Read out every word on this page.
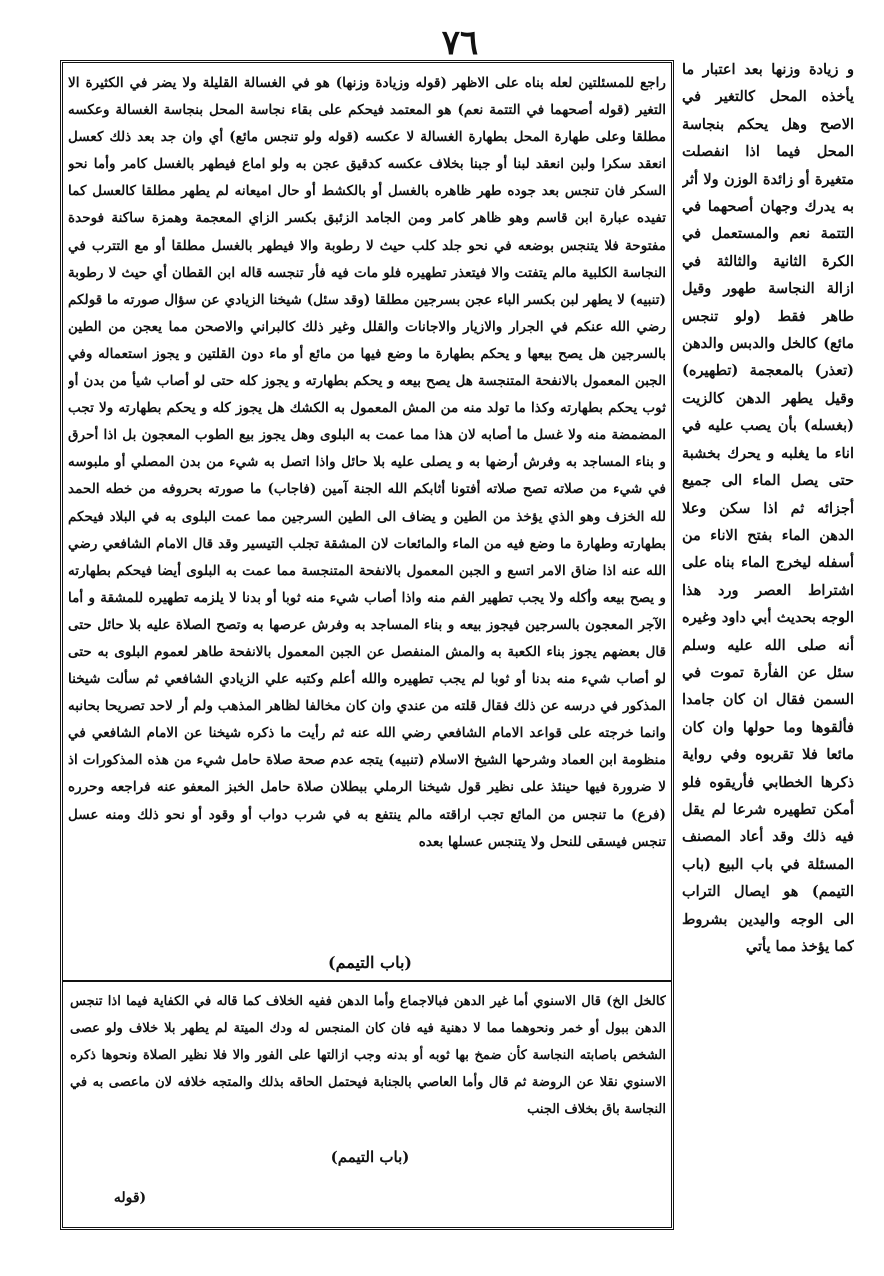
٧٦

راجع للمسئلتين لعله بناه على الاظهر (قوله وزيادة وزنها) هو في الغسالة القليلة ولا يضر في الكثيرة الا التغير (قوله أصحهما في التتمة نعم) هو المعتمد فيحكم على بقاء نجاسة المحل بنجاسة الغسالة وعكسه مطلقا وعلى طهارة المحل بطهارة الغسالة لا عكسه (قوله ولو تنجس مائع) أي وان جد بعد ذلك كعسل انعقد سكرا ولبن انعقد لبنا أو جبنا بخلاف عكسه كدقيق عجن به ولو اماع فيطهر بالغسل كامر وأما نحو السكر فان تنجس بعد جوده طهر ظاهره بالغسل أو بالكشط أو حال اميعانه لم يطهر مطلقا كالعسل كما تفيده عبارة ابن قاسم وهو ظاهر كامر ومن الجامد الزئبق بكسر الزاي المعجمة وهمزة ساكنة فوحدة مفتوحة فلا يتنجس بوضعه في نحو جلد كلب حيث لا رطوبة والا فيطهر بالغسل مطلقا أو مع التترب في النجاسة الكلبية مالم يتفتت والا فيتعذر تطهيره فلو مات فيه فأر تنجسه قاله ابن القطان أي حيث لا رطوبة (تنبيه) لا يطهر لبن بكسر الباء عجن بسرجين مطلقا (وقد سئل) شيخنا الزيادي عن سؤال صورته ما قولكم رضي الله عنكم في الجرار والازيار والاجانات والقلل وغير ذلك كالبراني والاصحن مما يعجن من الطين بالسرجين هل يصح بيعها و يحكم بطهارة ما وضع فيها من مائع أو ماء دون القلتين و يجوز استعماله وفي الجبن المعمول بالانفحة المتنجسة هل يصح بيعه و يحكم بطهارته و يجوز كله حتى لو أصاب شيأ من بدن أو ثوب يحكم بطهارته وكذا ما تولد منه من المش المعمول به الكشك هل يجوز كله و يحكم بطهارته ولا تجب المضمضة منه ولا غسل ما أصابه لان هذا مما عمت به البلوى وهل يجوز بيع الطوب المعجون بل اذا أحرق و بناء المساجد به وفرش أرضها به و يصلى عليه بلا حائل واذا اتصل به شيء من بدن المصلي أو ملبوسه في شيء من صلاته تصح صلاته أفتونا أثابكم الله الجنة آمين (فاجاب) ما صورته بحروفه من خطه الحمد لله الخزف وهو الذي يؤخذ من الطين و يضاف الى الطين السرجين مما عمت البلوى به في البلاد فيحكم بطهارته وطهارة ما وضع فيه من الماء والمائعات لان المشقة تجلب التيسير وقد قال الامام الشافعي رضي الله عنه اذا ضاق الامر اتسع و الجبن المعمول بالانفحة المتنجسة مما عمت به البلوى أيضا فيحكم بطهارته و يصح بيعه وأكله ولا يجب تطهير الفم منه واذا أصاب شيء منه ثوبا أو بدنا لا يلزمه تطهيره للمشقة و أما الآجر المعجون بالسرجين فيجوز بيعه و بناء المساجد به وفرش عرصها به وتصح الصلاة عليه بلا حائل حتى قال بعضهم يجوز بناء الكعبة به والمش المنفصل عن الجبن المعمول بالانفحة طاهر لعموم البلوى به حتى لو أصاب شيء منه بدنا أو ثوبا لم يجب تطهيره والله أعلم وكتبه علي الزيادي الشافعي ثم سألت شيخنا المذكور في درسه عن ذلك فقال قلته من عندي وان كان مخالفا لظاهر المذهب ولم أر لاحد تصريحا بحانبه وانما خرجته على قواعد الامام الشافعي رضي الله عنه ثم رأيت ما ذكره شيخنا عن الامام الشافعي في منظومة ابن العماد وشرحها الشيخ الاسلام (تنبيه) يتجه عدم صحة صلاة حامل شيء من هذه المذكورات اذ لا ضرورة فيها حينئذ على نظير قول شيخنا الرملي ببطلان صلاة حامل الخبز المعفو عنه فراجعه وحرره (فرع) ما تنجس من المائع تجب اراقته مالم ينتفع به في شرب دواب أو وقود أو نحو ذلك ومنه عسل تنجس فيسقى للنحل ولا يتنجس عسلها بعده

(باب التيمم)

كالخل الخ) قال الاسنوي أما غير الدهن فبالاجماع وأما الدهن ففيه الخلاف كما قاله في الكفاية فيما اذا تنجس الدهن ببول أو خمر ونحوهما مما لا دهنية فيه فان كان المنجس له ودك الميتة لم يطهر بلا خلاف ولو عصى الشخص باصابته النجاسة كأن ضمخ بها ثوبه أو بدنه وجب ازالتها على الفور والا فلا نظير الصلاة ونحوها ذكره الاسنوي نقلا عن الروضة ثم قال وأما العاصي بالجنابة فيحتمل الحاقه بذلك والمتجه خلافه لان ماعصى به في النجاسة باق بخلاف الجنب

(باب التيمم)
(قوله

و زيادة وزنها بعد اعتبار ما يأخذه المحل كالتغير في الاصح وهل يحكم بنجاسة المحل فيما اذا انفصلت متغيرة أو زائدة الوزن ولا أثر به يدرك وجهان أصحهما في التتمة نعم والمستعمل في الكرة الثانية والثالثة في ازالة النجاسة طهور وقيل طاهر فقط (ولو تنجس مائع) كالخل والدبس والدهن (تعذر) بالمعجمة (تطهيره) وقيل يطهر الدهن كالزيت (بغسله) بأن يصب عليه في اناء ما يغلبه و يحرك بخشبة حتى يصل الماء الى جميع أجزائه ثم اذا سكن وعلا الدهن الماء بفتح الاناء من أسفله ليخرج الماء بناه على اشتراط العصر ورد هذا الوجه بحديث أبي داود وغيره أنه صلى الله عليه وسلم سئل عن الفأرة تموت في السمن فقال ان كان جامدا فألقوها وما حولها وان كان مائعا فلا تقربوه وفي رواية ذكرها الخطابي فأريقوه فلو أمكن تطهيره شرعا لم يقل فيه ذلك وقد أعاد المصنف المسئلة في باب البيع (باب التيمم) هو ايصال التراب الى الوجه واليدين بشروط كما يؤخذ مما يأتي
